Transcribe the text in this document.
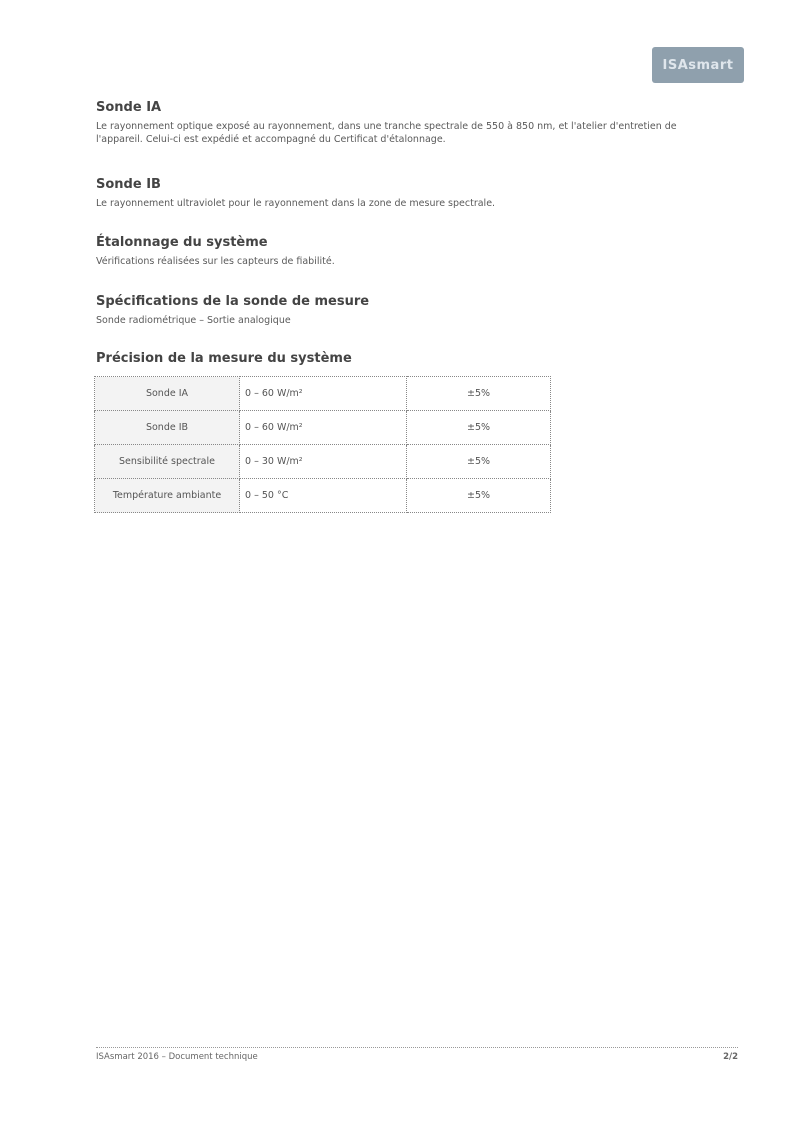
ISAsmart
Sonde IA

Le rayonnement optique exposé au rayonnement, dans une tranche spectrale de 550 à 850 nm, et l'atelier d'entretien de l'appareil. Celui-ci est expédié et accompagné du Certificat d'étalonnage.

Sonde IB

Le rayonnement ultraviolet pour le rayonnement dans la zone de mesure spectrale.

Étalonnage du système

Vérifications réalisées sur les capteurs de fiabilité.

Spécifications de la sonde de mesure

Sonde radiométrique – Sortie analogique

Précision de la mesure du système
Sonde IA	0 – 60 W/m²	±5%
Sonde IB	0 – 60 W/m²	±5%
Sensibilité spectrale	0 – 30 W/m²	±5%
Température ambiante	0 – 50 °C	±5%
ISAsmart 2016 – Document technique	2/2
